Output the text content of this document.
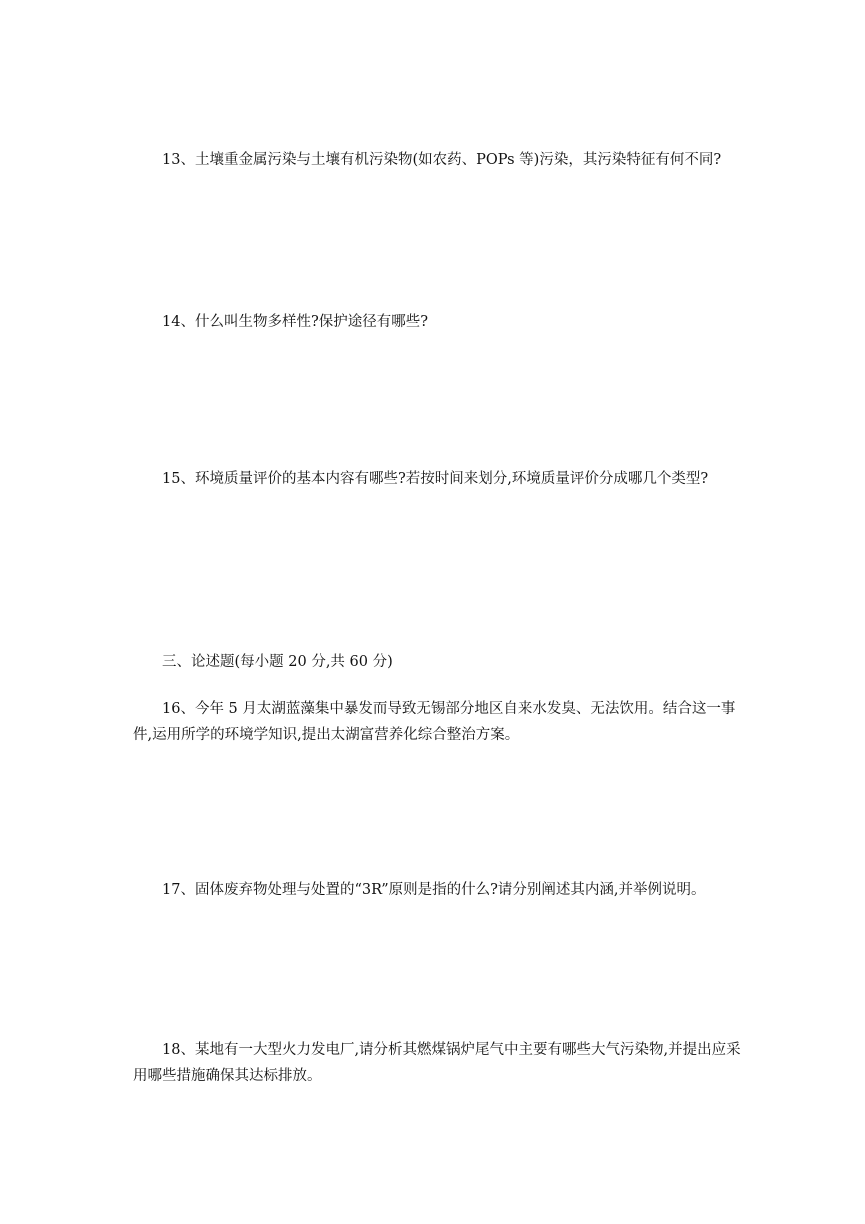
13、土壤重金属污染与土壤有机污染物(如农药、POPs 等)污染，其污染特征有何不同?

14、什么叫生物多样性?保护途径有哪些?

15、环境质量评价的基本内容有哪些?若按时间来划分,环境质量评价分成哪几个类型?

三、论述题(每小题 20 分,共 60 分)

16、今年 5 月太湖蓝藻集中暴发而导致无锡部分地区自来水发臭、无法饮用。结合这一事件,运用所学的环境学知识,提出太湖富营养化综合整治方案。

17、固体废弃物处理与处置的“3R”原则是指的什么?请分别阐述其内涵,并举例说明。

18、某地有一大型火力发电厂,请分析其燃煤锅炉尾气中主要有哪些大气污染物,并提出应采用哪些措施确保其达标排放。
